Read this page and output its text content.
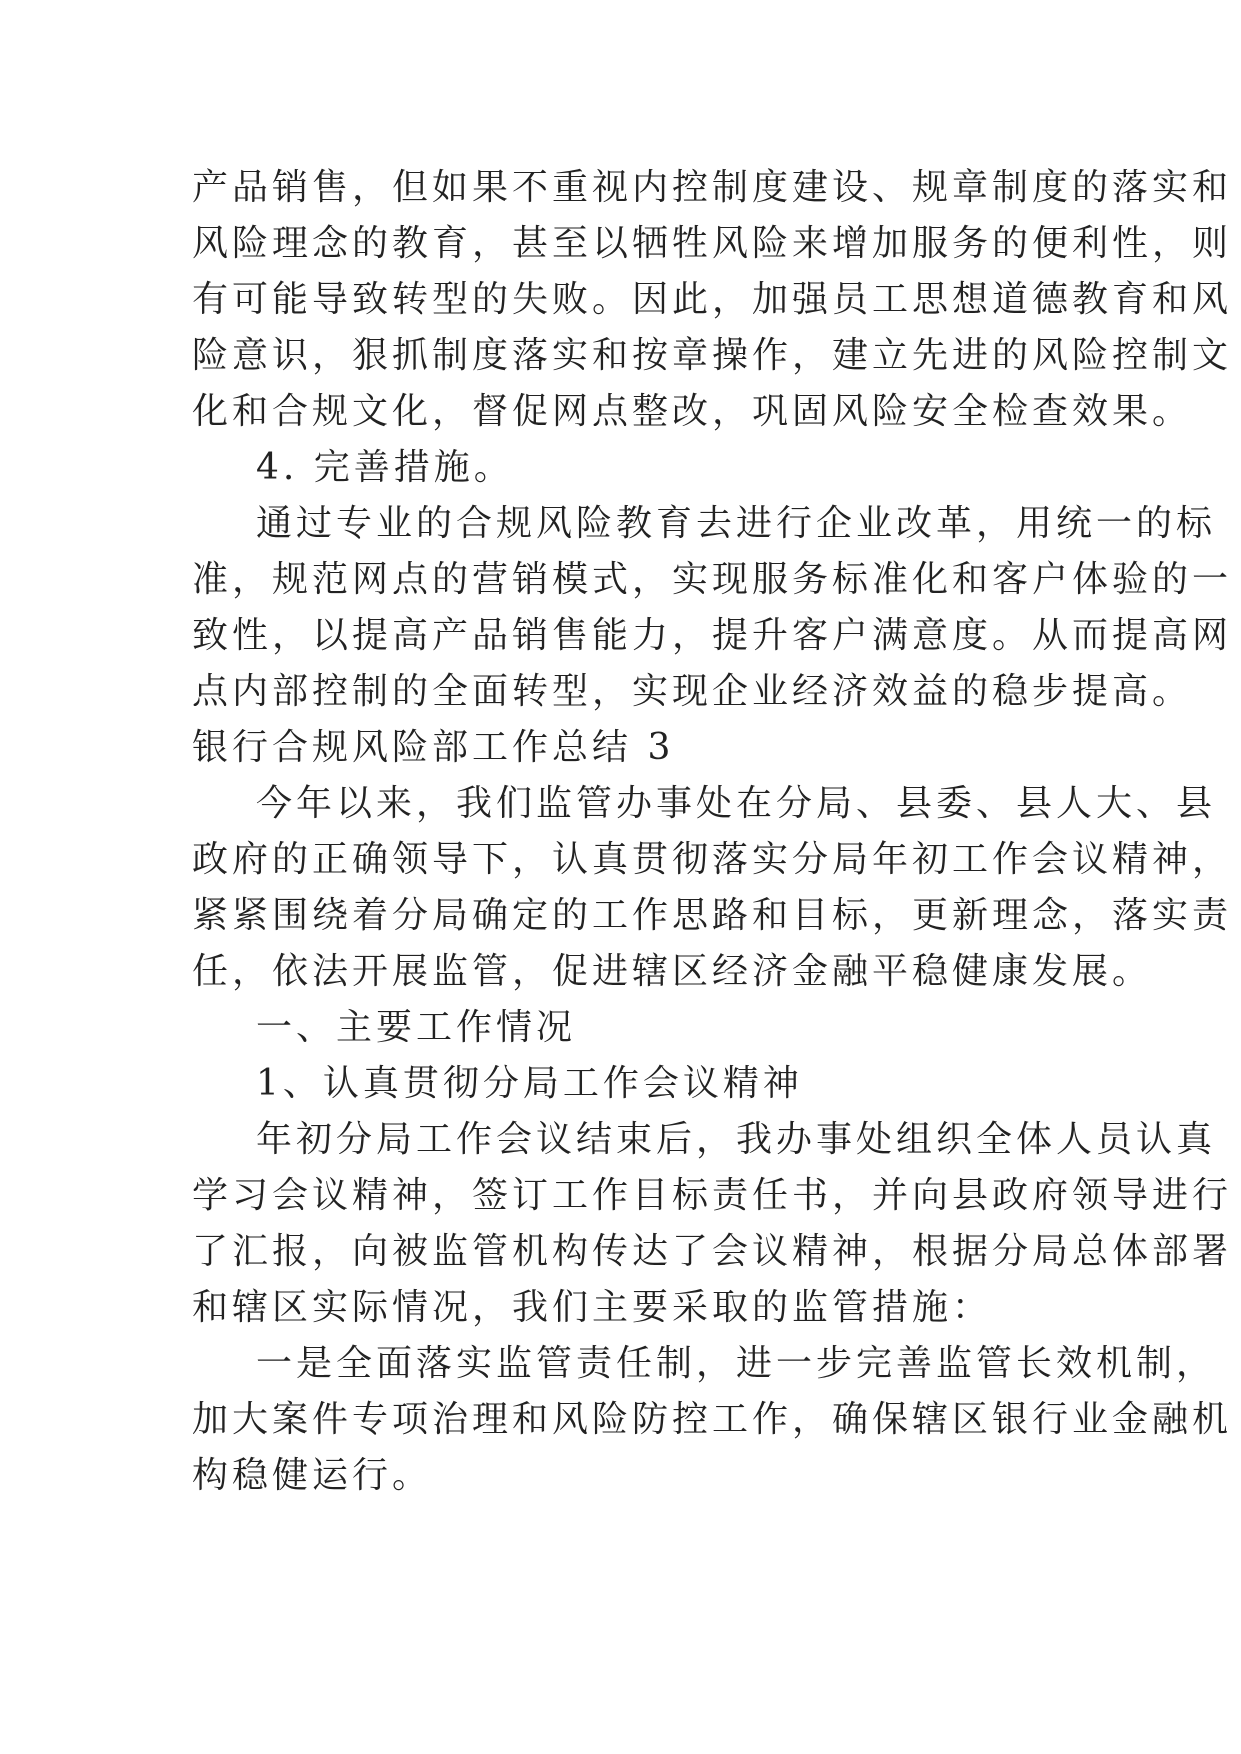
产品销售，但如果不重视内控制度建设、规章制度的落实和
风险理念的教育，甚至以牺牲风险来增加服务的便利性，则
有可能导致转型的失败。因此，加强员工思想道德教育和风
险意识，狠抓制度落实和按章操作，建立先进的风险控制文
化和合规文化，督促网点整改，巩固风险安全检查效果。
4. 完善措施。
通过专业的合规风险教育去进行企业改革，用统一的标
准，规范网点的营销模式，实现服务标准化和客户体验的一
致性，以提高产品销售能力，提升客户满意度。从而提高网
点内部控制的全面转型，实现企业经济效益的稳步提高。
银行合规风险部工作总结 3
今年以来，我们监管办事处在分局、县委、县人大、县
政府的正确领导下，认真贯彻落实分局年初工作会议精神，
紧紧围绕着分局确定的工作思路和目标，更新理念，落实责
任，依法开展监管，促进辖区经济金融平稳健康发展。
一、主要工作情况
1、认真贯彻分局工作会议精神
年初分局工作会议结束后，我办事处组织全体人员认真
学习会议精神，签订工作目标责任书，并向县政府领导进行
了汇报，向被监管机构传达了会议精神，根据分局总体部署
和辖区实际情况，我们主要采取的监管措施：
一是全面落实监管责任制，进一步完善监管长效机制，
加大案件专项治理和风险防控工作，确保辖区银行业金融机
构稳健运行。
